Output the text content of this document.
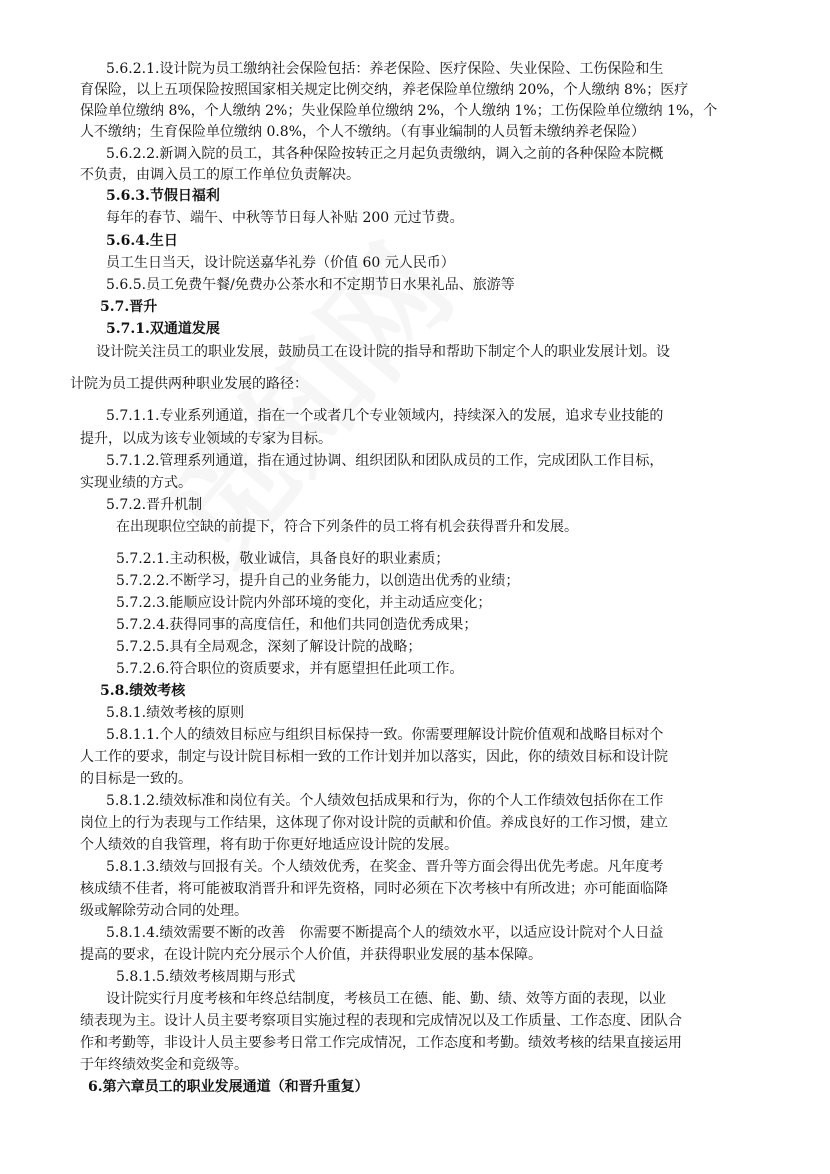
5.6.2.1.设计院为员工缴纳社会保险包括：养老保险、医疗保险、失业保险、工伤保险和生
育保险，以上五项保险按照国家相关规定比例交纳，养老保险单位缴纳 20%，个人缴纳 8%；医疗
保险单位缴纳 8%，个人缴纳 2%；失业保险单位缴纳 2%，个人缴纳 1%；工伤保险单位缴纳 1%，个
人不缴纳；生育保险单位缴纳 0.8%，个人不缴纳。（有事业编制的人员暂未缴纳养老保险）
5.6.2.2.新调入院的员工，其各种保险按转正之月起负责缴纳，调入之前的各种保险本院概
不负责，由调入员工的原工作单位负责解决。
5.6.3.节假日福利
每年的春节、端午、中秋等节日每人补贴 200 元过节费。
5.6.4.生日
员工生日当天，设计院送嘉华礼券（价值 60 元人民币）
5.6.5.员工免费午餐/免费办公茶水和不定期节日水果礼品、旅游等
5.7.晋升
5.7.1.双通道发展
设计院关注员工的职业发展，鼓励员工在设计院的指导和帮助下制定个人的职业发展计划。设
计院为员工提供两种职业发展的路径：
5.7.1.1.专业系列通道，指在一个或者几个专业领域内，持续深入的发展，追求专业技能的
提升，以成为该专业领域的专家为目标。
5.7.1.2.管理系列通道，指在通过协调、组织团队和团队成员的工作，完成团队工作目标，
实现业绩的方式。
5.7.2.晋升机制
在出现职位空缺的前提下，符合下列条件的员工将有机会获得晋升和发展。
5.7.2.1.主动积极，敬业诚信，具备良好的职业素质；
5.7.2.2.不断学习，提升自己的业务能力，以创造出优秀的业绩；
5.7.2.3.能顺应设计院内外部环境的变化，并主动适应变化；
5.7.2.4.获得同事的高度信任，和他们共同创造优秀成果；
5.7.2.5.具有全局观念，深刻了解设计院的战略；
5.7.2.6.符合职位的资质要求，并有愿望担任此项工作。
5.8.绩效考核
5.8.1.绩效考核的原则
5.8.1.1.个人的绩效目标应与组织目标保持一致。你需要理解设计院价值观和战略目标对个
人工作的要求，制定与设计院目标相一致的工作计划并加以落实，因此，你的绩效目标和设计院
的目标是一致的。
5.8.1.2.绩效标准和岗位有关。个人绩效包括成果和行为，你的个人工作绩效包括你在工作
岗位上的行为表现与工作结果，这体现了你对设计院的贡献和价值。养成良好的工作习惯，建立
个人绩效的自我管理，将有助于你更好地适应设计院的发展。
5.8.1.3.绩效与回报有关。个人绩效优秀，在奖金、晋升等方面会得出优先考虑。凡年度考
核成绩不佳者，将可能被取消晋升和评先资格，同时必须在下次考核中有所改进；亦可能面临降
级或解除劳动合同的处理。
5.8.1.4.绩效需要不断的改善　你需要不断提高个人的绩效水平，以适应设计院对个人日益
提高的要求，在设计院内充分展示个人价值，并获得职业发展的基本保障。
5.8.1.5.绩效考核周期与形式
设计院实行月度考核和年终总结制度，考核员工在德、能、勤、绩、效等方面的表现，以业
绩表现为主。设计人员主要考察项目实施过程的表现和完成情况以及工作质量、工作态度、团队合
作和考勤等，非设计人员主要参考日常工作完成情况，工作态度和考勤。绩效考核的结果直接运用
于年终绩效奖金和竞级等。
6.第六章员工的职业发展通道（和晋升重复）
